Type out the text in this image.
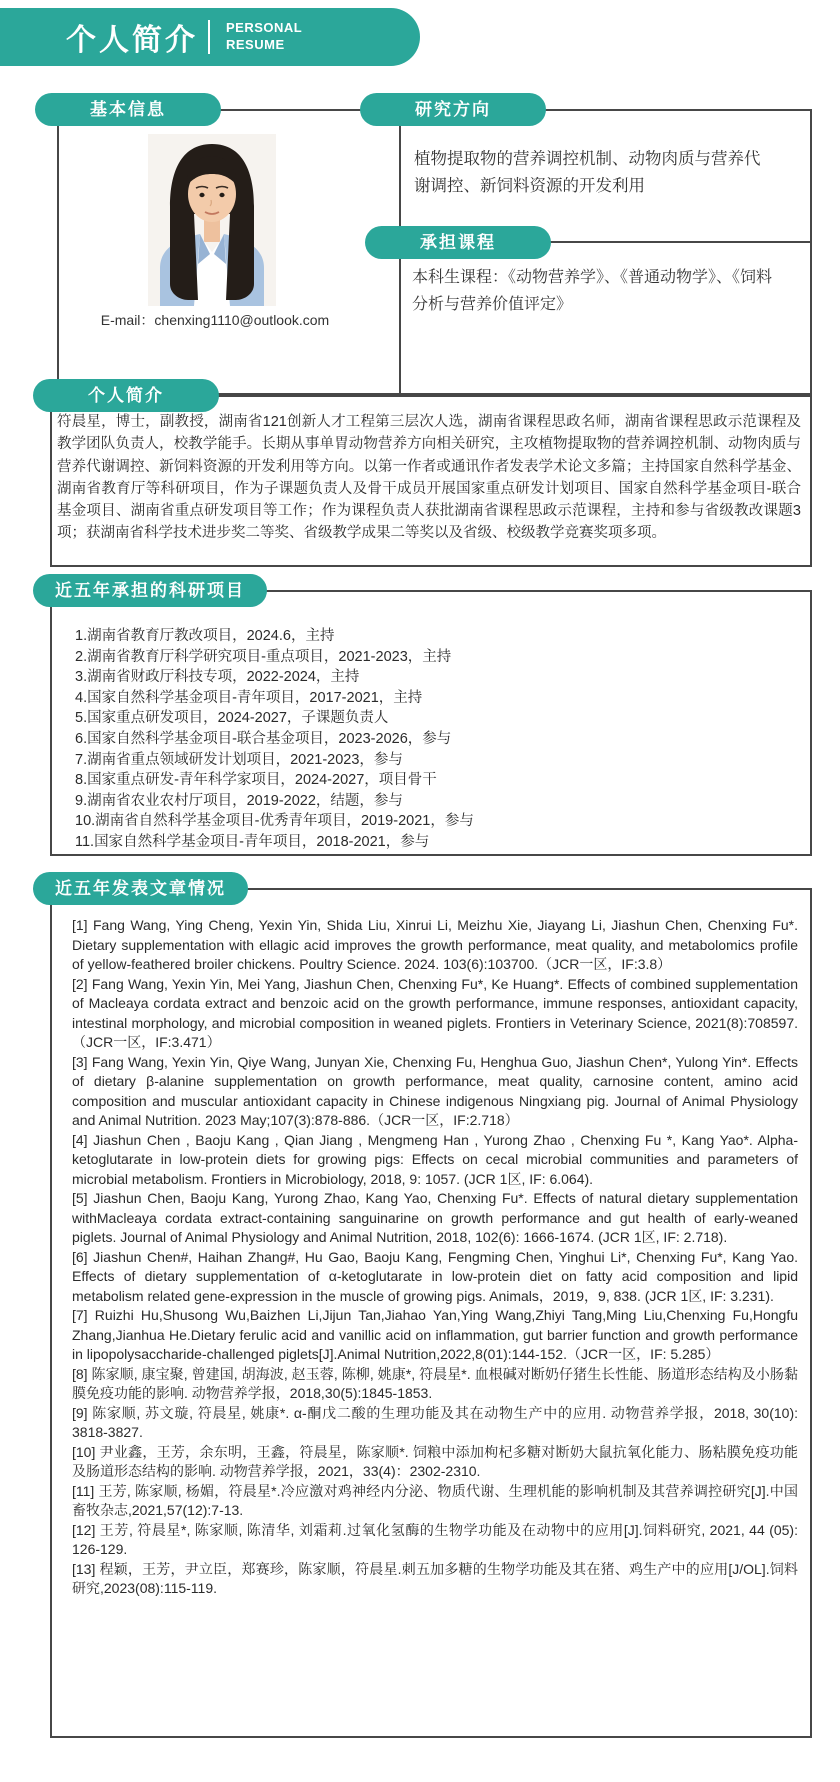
个人简介 PERSONAL
RESUME
基本信息	研究方向
承担课程
E-mail：chenxing1110@outlook.com
植物提取物的营养调控机制、动物肉质与营养代谢调控、新饲料资源的开发利用
本科生课程：《动物营养学》、《普通动物学》、《饲料分析与营养价值评定》
个人简介
符晨星，博士，副教授，湖南省121创新人才工程第三层次人选，湖南省课程思政名师，湖南省课程思政示范课程及教学团队负责人，校教学能手。长期从事单胃动物营养方向相关研究，主攻植物提取物的营养调控机制、动物肉质与营养代谢调控、新饲料资源的开发利用等方向。以第一作者或通讯作者发表学术论文多篇；主持国家自然科学基金、湖南省教育厅等科研项目，作为子课题负责人及骨干成员开展国家重点研发计划项目、国家自然科学基金项目-联合基金项目、湖南省重点研发项目等工作；作为课程负责人获批湖南省课程思政示范课程，主持和参与省级教改课题3项；获湖南省科学技术进步奖二等奖、省级教学成果二等奖以及省级、校级教学竞赛奖项多项。
近五年承担的科研项目
1.湖南省教育厅教改项目，2024.6，主持
2.湖南省教育厅科学研究项目-重点项目，2021-2023，主持
3.湖南省财政厅科技专项，2022-2024，主持
4.国家自然科学基金项目-青年项目，2017-2021，主持
5.国家重点研发项目，2024-2027，子课题负责人
6.国家自然科学基金项目-联合基金项目，2023-2026，参与
7.湖南省重点领域研发计划项目，2021-2023，参与
8.国家重点研发-青年科学家项目，2024-2027，项目骨干
9.湖南省农业农村厅项目，2019-2022，结题，参与
10.湖南省自然科学基金项目-优秀青年项目，2019-2021，参与
11.国家自然科学基金项目-青年项目，2018-2021，参与
近五年发表文章情况
[1] Fang Wang, Ying Cheng, Yexin Yin, Shida Liu, Xinrui Li, Meizhu Xie, Jiayang Li, Jiashun Chen, Chenxing Fu*. Dietary supplementation with ellagic acid improves the growth performance, meat quality, and metabolomics profile of yellow-feathered broiler chickens. Poultry Science. 2024. 103(6):103700.（JCR一区，IF:3.8）
[2] Fang Wang, Yexin Yin, Mei Yang, Jiashun Chen, Chenxing Fu*, Ke Huang*. Effects of combined supplementation of Macleaya cordata extract and benzoic acid on the growth performance, immune responses, antioxidant capacity, intestinal morphology, and microbial composition in weaned piglets. Frontiers in Veterinary Science, 2021(8):708597.（JCR一区，IF:3.471）
[3] Fang Wang, Yexin Yin, Qiye Wang, Junyan Xie, Chenxing Fu, Henghua Guo, Jiashun Chen*, Yulong Yin*. Effects of dietary β-alanine supplementation on growth performance, meat quality, carnosine content, amino acid composition and muscular antioxidant capacity in Chinese indigenous Ningxiang pig. Journal of Animal Physiology and Animal Nutrition. 2023 May;107(3):878-886.（JCR一区，IF:2.718）
[4] Jiashun Chen , Baoju Kang , Qian Jiang , Mengmeng Han , Yurong Zhao , Chenxing Fu *, Kang Yao*. Alpha-ketoglutarate in low-protein diets for growing pigs: Effects on cecal microbial communities and parameters of microbial metabolism. Frontiers in Microbiology, 2018, 9: 1057. (JCR 1区, IF: 6.064).
[5] Jiashun Chen, Baoju Kang, Yurong Zhao, Kang Yao, Chenxing Fu*. Effects of natural dietary supplementation withMacleaya cordata extract-containing sanguinarine on growth performance and gut health of early-weaned piglets. Journal of Animal Physiology and Animal Nutrition, 2018, 102(6): 1666-1674. (JCR 1区, IF: 2.718).
[6] Jiashun Chen#, Haihan Zhang#, Hu Gao, Baoju Kang, Fengming Chen, Yinghui Li*, Chenxing Fu*, Kang Yao. Effects of dietary supplementation of α-ketoglutarate in low-protein diet on fatty acid composition and lipid metabolism related gene-expression in the muscle of growing pigs. Animals，2019，9, 838. (JCR 1区, IF: 3.231).
[7] Ruizhi Hu,Shusong Wu,Baizhen Li,Jijun Tan,Jiahao Yan,Ying Wang,Zhiyi Tang,Ming Liu,Chenxing Fu,Hongfu Zhang,Jianhua He.Dietary ferulic acid and vanillic acid on inflammation, gut barrier function and growth performance in lipopolysaccharide-challenged piglets[J].Animal Nutrition,2022,8(01):144-152.（JCR一区，IF: 5.285）
[8] 陈家顺, 康宝聚, 曾建国, 胡海波, 赵玉蓉, 陈柳, 姚康*, 符晨星*. 血根碱对断奶仔猪生长性能、肠道形态结构及小肠黏膜免疫功能的影响. 动物营养学报，2018,30(5):1845-1853.
[9] 陈家顺, 苏文璇, 符晨星, 姚康*. α-酮戊二酸的生理功能及其在动物生产中的应用. 动物营养学报，2018, 30(10): 3818-3827.
[10] 尹业鑫，王芳，余东明，王鑫，符晨星，陈家顺*. 饲粮中添加枸杞多糖对断奶大鼠抗氧化能力、肠粘膜免疫功能及肠道形态结构的影响. 动物营养学报，2021，33(4)：2302-2310.
[11] 王芳, 陈家顺, 杨媚，符晨星*.冷应激对鸡神经内分泌、物质代谢、生理机能的影响机制及其营养调控研究[J].中国畜牧杂志,2021,57(12):7-13.
[12] 王芳, 符晨星*, 陈家顺, 陈清华, 刘霜莉.过氧化氢酶的生物学功能及在动物中的应用[J].饲料研究, 2021, 44 (05): 126-129.
[13] 程颖，王芳，尹立臣，郑赛珍，陈家顺，符晨星.刺五加多糖的生物学功能及其在猪、鸡生产中的应用[J/OL].饲料研究,2023(08):115-119.
